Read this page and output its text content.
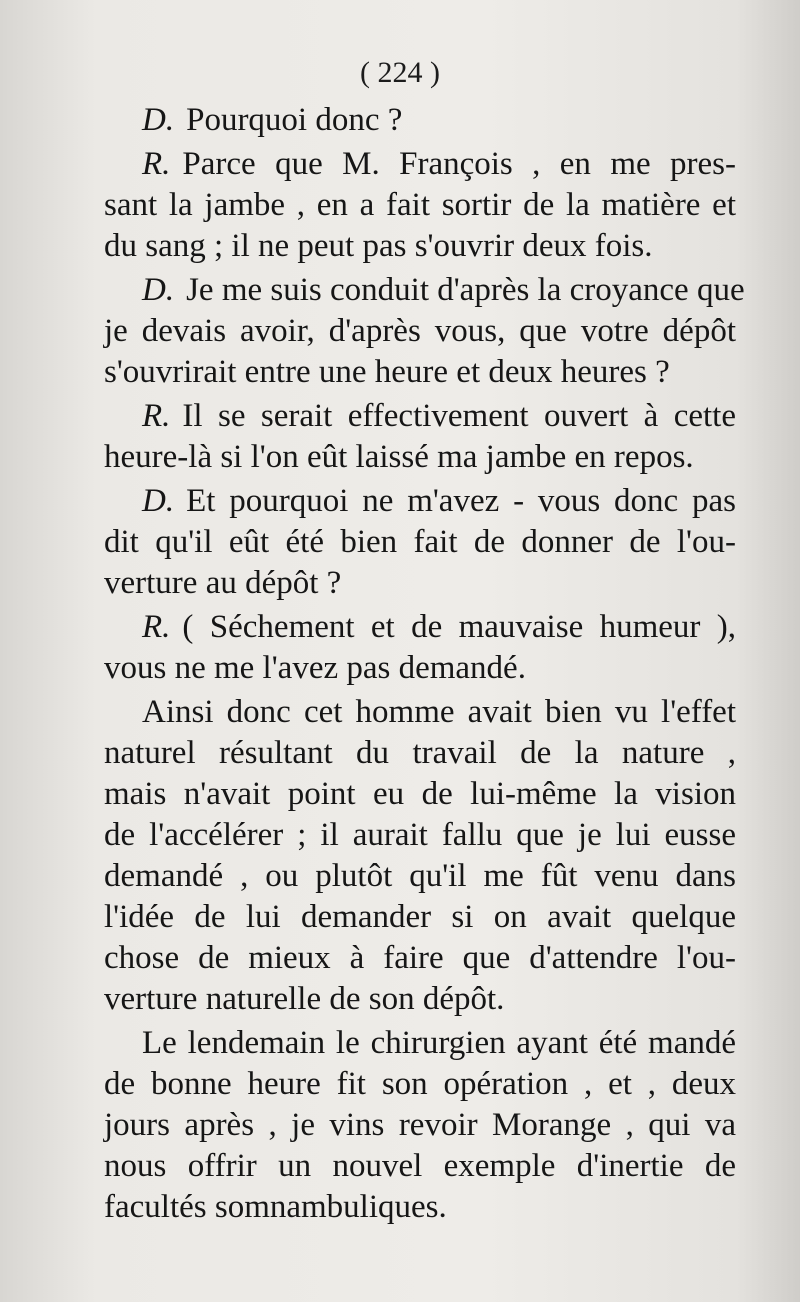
( 224 )
D. Pourquoi donc ?
R. Parce que M. François , en me pres-
sant la jambe , en a fait sortir de la matière et
du sang ; il ne peut pas s'ouvrir deux fois.
D. Je me suis conduit d'après la croyance que
je devais avoir, d'après vous, que votre dépôt
s'ouvrirait entre une heure et deux heures ?
R. Il se serait effectivement ouvert à cette
heure-là si l'on eût laissé ma jambe en repos.
D. Et pourquoi ne m'avez - vous donc pas
dit qu'il eût été bien fait de donner de l'ou-
verture au dépôt ?
R. ( Séchement et de mauvaise humeur ),
vous ne me l'avez pas demandé.
Ainsi donc cet homme avait bien vu l'effet
naturel résultant du travail de la nature ,
mais n'avait point eu de lui-même la vision
de l'accélérer ; il aurait fallu que je lui eusse
demandé , ou plutôt qu'il me fût venu dans
l'idée de lui demander si on avait quelque
chose de mieux à faire que d'attendre l'ou-
verture naturelle de son dépôt.
Le lendemain le chirurgien ayant été mandé
de bonne heure fit son opération , et , deux
jours après , je vins revoir Morange , qui va
nous offrir un nouvel exemple d'inertie de
facultés somnambuliques.
